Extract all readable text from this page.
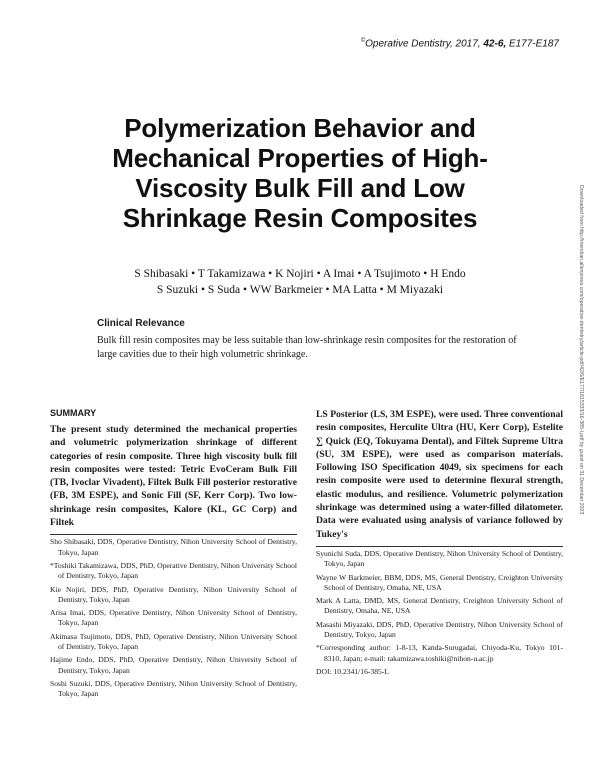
©Operative Dentistry, 2017, 42-6, E177-E187
Polymerization Behavior and
Mechanical Properties of High-
Viscosity Bulk Fill and Low
Shrinkage Resin Composites
S Shibasaki • T Takamizawa • K Nojiri • A Imai • A Tsujimoto • H Endo
S Suzuki • S Suda • WW Barkmeier • MA Latta • M Miyazaki
Clinical Relevance
Bulk fill resin composites may be less suitable than low-shrinkage resin composites for the restoration of large cavities due to their high volumetric shrinkage.	Downloaded from http://meridian.allenpress.com/operative-dentistry/article-pdf/42/6/E177/1815333/16-385-l.pdf by guest on 31 December 2023
SUMMARY

The present study determined the mechanical properties and volumetric polymerization shrinkage of different categories of resin composite. Three high viscosity bulk fill resin composites were tested: Tetric EvoCeram Bulk Fill (TB, Ivoclar Vivadent), Filtek Bulk Fill posterior restorative (FB, 3M ESPE), and Sonic Fill (SF, Kerr Corp). Two low-shrinkage resin composites, Kalore (KL, GC Corp) and Filtek

Sho Shibasaki, DDS, Operative Dentistry, Nihon University School of Dentistry, Tokyo, Japan

*Toshiki Takamizawa, DDS, PhD, Operative Dentistry, Nihon University School of Dentistry, Tokyo, Japan

Kie Nojiri, DDS, PhD, Operative Dentistry, Nihon University School of Dentistry, Tokyo, Japan

Arisa Imai, DDS, Operative Dentistry, Nihon University School of Dentistry, Tokyo, Japan

Akimasa Tsujimoto, DDS, PhD, Operative Dentistry, Nihon University School of Dentistry, Tokyo, Japan

Hajime Endo, DDS, PhD, Operative Dentistry, Nihon University School of Dentistry, Tokyo, Japan

Soshi Suzuki, DDS, Operative Dentistry, Nihon University School of Dentistry, Tokyo, Japan

LS Posterior (LS, 3M ESPE), were used. Three conventional resin composites, Herculite Ultra (HU, Kerr Corp), Estelite ∑ Quick (EQ, Tokuyama Dental), and Filtek Supreme Ultra (SU, 3M ESPE), were used as comparison materials. Following ISO Specification 4049, six specimens for each resin composite were used to determine flexural strength, elastic modulus, and resilience. Volumetric polymerization shrinkage was determined using a water-filled dilatometer. Data were evaluated using analysis of variance followed by Tukey's

Syunichi Suda, DDS, Operative Dentistry, Nihon University School of Dentistry, Tokyo, Japan

Wayne W Barkmeier, BBM, DDS, MS, General Dentistry, Creighton University School of Dentistry, Omaha, NE, USA

Mark A Latta, DMD, MS, General Dentistry, Creighton University School of Dentistry, Omaha, NE, USA

Masashi Miyazaki, DDS, PhD, Operative Dentistry, Nihon University School of Dentistry, Tokyo, Japan

*Corresponding author: 1-8-13, Kanda-Surugadai, Chiyoda-Ku, Tokyo 101-8310, Japan; e-mail: takamizawa.toshiki@nihon-u.ac.jp

DOI: 10.2341/16-385-L
